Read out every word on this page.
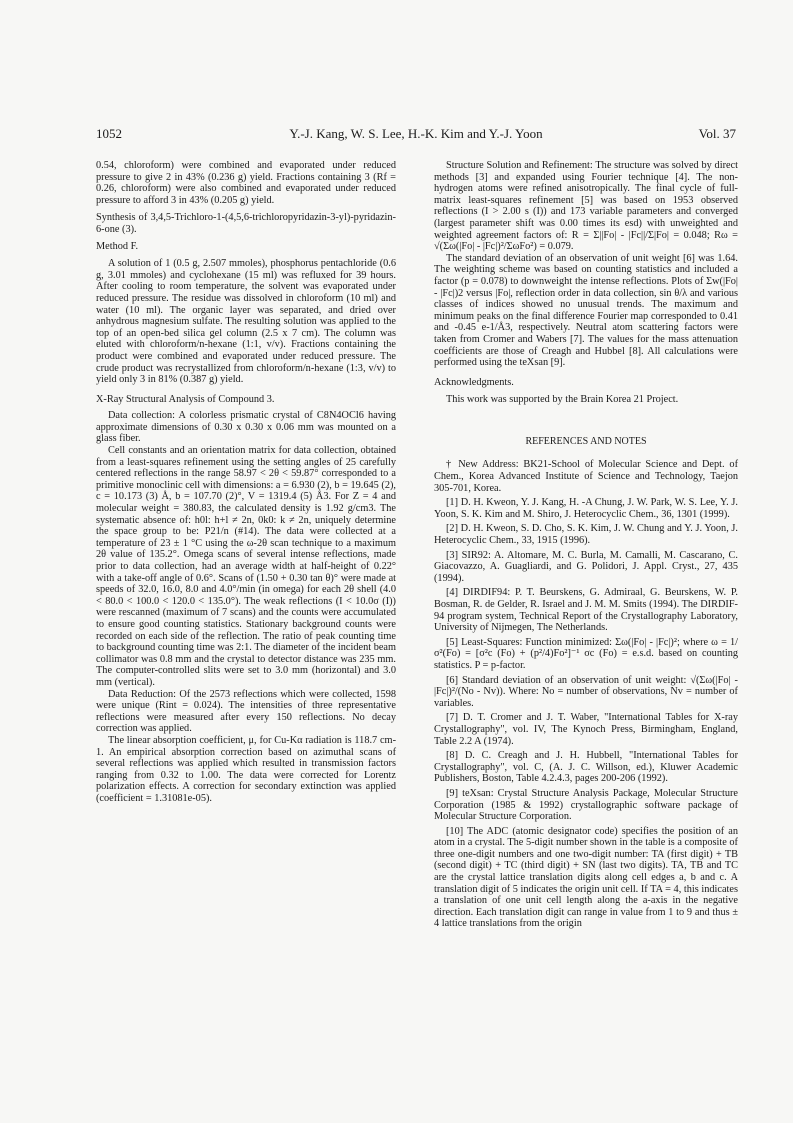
1052	Y.-J. Kang, W. S. Lee, H.-K. Kim and Y.-J. Yoon	Vol. 37

0.54, chloroform) were combined and evaporated under reduced pressure to give 2 in 43% (0.236 g) yield. Fractions containing 3 (Rf = 0.26, chloroform) were also combined and evaporated under reduced pressure to afford 3 in 43% (0.205 g) yield.

Synthesis of 3,4,5-Trichloro-1-(4,5,6-trichloropyridazin-3-yl)-pyridazin-6-one (3).

Method F.

A solution of 1 (0.5 g, 2.507 mmoles), phosphorus pentachloride (0.6 g, 3.01 mmoles) and cyclohexane (15 ml) was refluxed for 39 hours. After cooling to room temperature, the solvent was evaporated under reduced pressure. The residue was dissolved in chloroform (10 ml) and water (10 ml). The organic layer was separated, and dried over anhydrous magnesium sulfate. The resulting solution was applied to the top of an open-bed silica gel column (2.5 x 7 cm). The column was eluted with chloroform/n-hexane (1:1, v/v). Fractions containing the product were combined and evaporated under reduced pressure. The crude product was recrystallized from chloroform/n-hexane (1:3, v/v) to yield only 3 in 81% (0.387 g) yield.

X-Ray Structural Analysis of Compound 3.

Data collection: A colorless prismatic crystal of C8N4OCl6 having approximate dimensions of 0.30 x 0.30 x 0.06 mm was mounted on a glass fiber.

Cell constants and an orientation matrix for data collection, obtained from a least-squares refinement using the setting angles of 25 carefully centered reflections in the range 58.97 < 2θ < 59.87° corresponded to a primitive monoclinic cell with dimensions: a = 6.930 (2), b = 19.645 (2), c = 10.173 (3) Å, b = 107.70 (2)°, V = 1319.4 (5) Å3. For Z = 4 and molecular weight = 380.83, the calculated density is 1.92 g/cm3. The systematic absence of: h0l: h+l ≠ 2n, 0k0: k ≠ 2n, uniquely determine the space group to be: P21/n (#14). The data were collected at a temperature of 23 ± 1 °C using the ω-2θ scan technique to a maximum 2θ value of 135.2°. Omega scans of several intense reflections, made prior to data collection, had an average width at half-height of 0.22° with a take-off angle of 0.6°. Scans of (1.50 + 0.30 tan θ)° were made at speeds of 32.0, 16.0, 8.0 and 4.0°/min (in omega) for each 2θ shell (4.0 < 80.0 < 100.0 < 120.0 < 135.0°). The weak reflections (I < 10.0σ (I)) were rescanned (maximum of 7 scans) and the counts were accumulated to ensure good counting statistics. Stationary background counts were recorded on each side of the reflection. The ratio of peak counting time to background counting time was 2:1. The diameter of the incident beam collimator was 0.8 mm and the crystal to detector distance was 235 mm. The computer-controlled slits were set to 3.0 mm (horizontal) and 3.0 mm (vertical).

Data Reduction: Of the 2573 reflections which were collected, 1598 were unique (Rint = 0.024). The intensities of three representative reflections were measured after every 150 reflections. No decay correction was applied.

The linear absorption coefficient, μ, for Cu-Kα radiation is 118.7 cm-1. An empirical absorption correction based on azimuthal scans of several reflections was applied which resulted in transmission factors ranging from 0.32 to 1.00. The data were corrected for Lorentz polarization effects. A correction for secondary extinction was applied (coefficient = 1.31081e-05).

Structure Solution and Refinement: The structure was solved by direct methods [3] and expanded using Fourier technique [4]. The non-hydrogen atoms were refined anisotropically. The final cycle of full-matrix least-squares refinement [5] was based on 1953 observed reflections (I > 2.00 s (I)) and 173 variable parameters and converged (largest parameter shift was 0.00 times its esd) with unweighted and weighted agreement factors of: R = Σ||Fo| - |Fc||/Σ|Fo| = 0.048; Rω = √(Σω(|Fo| - |Fc|)²/ΣωFo²) = 0.079.

The standard deviation of an observation of unit weight [6] was 1.64. The weighting scheme was based on counting statistics and included a factor (p = 0.078) to downweight the intense reflections. Plots of Σw(|Fo| - |Fc|)2 versus |Fo|, reflection order in data collection, sin θ/λ and various classes of indices showed no unusual trends. The maximum and minimum peaks on the final difference Fourier map corresponded to 0.41 and -0.45 e-1/Å3, respectively. Neutral atom scattering factors were taken from Cromer and Wabers [7]. The values for the mass attenuation coefficients are those of Creagh and Hubbel [8]. All calculations were performed using the teXsan [9].

Acknowledgments.

This work was supported by the Brain Korea 21 Project.

REFERENCES AND NOTES

† New Address: BK21-School of Molecular Science and Dept. of Chem., Korea Advanced Institute of Science and Technology, Taejon 305-701, Korea.

[1] D. H. Kweon, Y. J. Kang, H. -A Chung, J. W. Park, W. S. Lee, Y. J. Yoon, S. K. Kim and M. Shiro, J. Heterocyclic Chem., 36, 1301 (1999).

[2] D. H. Kweon, S. D. Cho, S. K. Kim, J. W. Chung and Y. J. Yoon, J. Heterocyclic Chem., 33, 1915 (1996).

[3] SIR92: A. Altomare, M. C. Burla, M. Camalli, M. Cascarano, C. Giacovazzo, A. Guagliardi, and G. Polidori, J. Appl. Cryst., 27, 435 (1994).

[4] DIRDIF94: P. T. Beurskens, G. Admiraal, G. Beurskens, W. P. Bosman, R. de Gelder, R. Israel and J. M. M. Smits (1994). The DIRDIF-94 program system, Technical Report of the Crystallography Laboratory, University of Nijmegen, The Netherlands.

[5] Least-Squares: Function minimized: Σω(|Fo| - |Fc|)²; where ω = 1/σ²(Fo) = [σ²c (Fo) + (p²/4)Fo²]⁻¹ σc (Fo) = e.s.d. based on counting statistics. P = p-factor.

[6] Standard deviation of an observation of unit weight: √(Σω(|Fo| - |Fc|)²/(No - Nv)). Where: No = number of observations, Nv = number of variables.

[7] D. T. Cromer and J. T. Waber, "International Tables for X-ray Crystallography", vol. IV, The Kynoch Press, Birmingham, England, Table 2.2 A (1974).

[8] D. C. Creagh and J. H. Hubbell, "International Tables for Crystallography", vol. C, (A. J. C. Willson, ed.), Kluwer Academic Publishers, Boston, Table 4.2.4.3, pages 200-206 (1992).

[9] teXsan: Crystal Structure Analysis Package, Molecular Structure Corporation (1985 & 1992) crystallographic software package of Molecular Structure Corporation.

[10] The ADC (atomic designator code) specifies the position of an atom in a crystal. The 5-digit number shown in the table is a composite of three one-digit numbers and one two-digit number: TA (first digit) + TB (second digit) + TC (third digit) + SN (last two digits). TA, TB and TC are the crystal lattice translation digits along cell edges a, b and c. A translation digit of 5 indicates the origin unit cell. If TA = 4, this indicates a translation of one unit cell length along the a-axis in the negative direction. Each translation digit can range in value from 1 to 9 and thus ± 4 lattice translations from the origin
